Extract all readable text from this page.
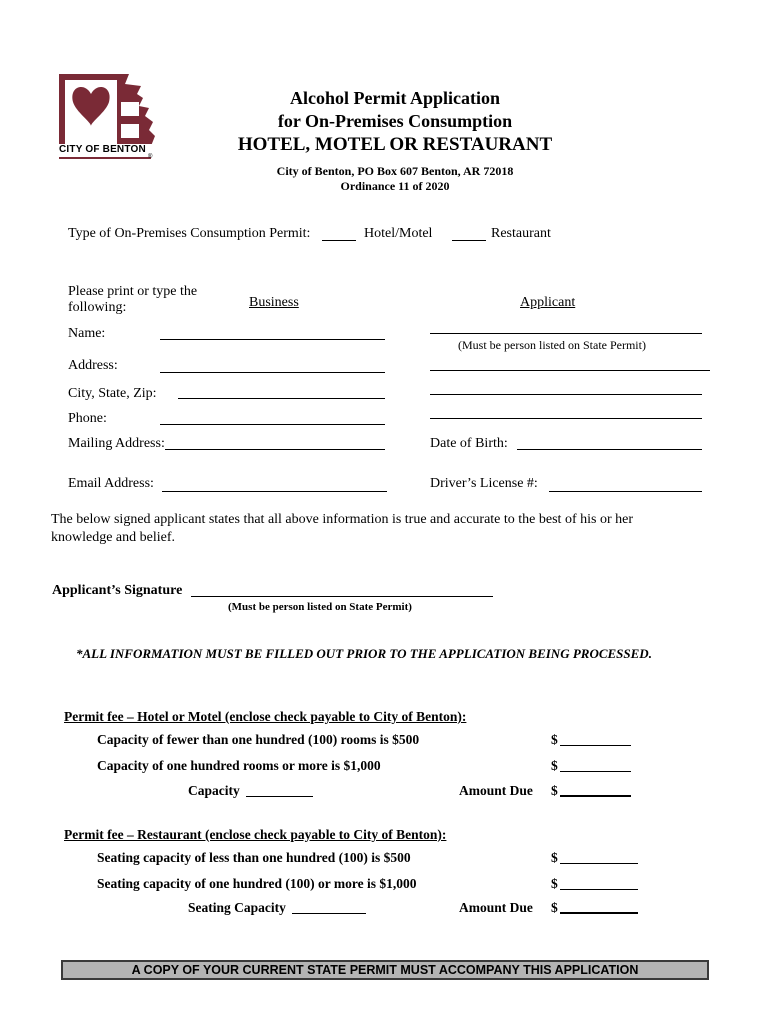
CITY OF BENTON
®
Alcohol Permit Application
for On-Premises Consumption
HOTEL, MOTEL OR RESTAURANT
City of Benton, PO Box 607 Benton, AR 72018
Ordinance 11 of 2020
Type of On-Premises Consumption Permit:	Hotel/Motel	Restaurant
Please print or type the
following:	Business	Applicant
Name:
(Must be person listed on State Permit)
Address:
City, State, Zip:
Phone:
Mailing Address:	Date of Birth:
Email Address:	Driver’s License #:
The below signed applicant states that all above information is true and accurate to the best of his or her
knowledge and belief.
Applicant’s Signature
(Must be person listed on State Permit)
*ALL INFORMATION MUST BE FILLED OUT PRIOR TO THE APPLICATION BEING PROCESSED.
Permit fee – Hotel or Motel (enclose check payable to City of Benton):
Capacity of fewer than one hundred (100) rooms is $500	$
Capacity of one hundred rooms or more is $1,000	$
Capacity	Amount Due $
Permit fee – Restaurant (enclose check payable to City of Benton):
Seating capacity of less than one hundred (100) is $500	$
Seating capacity of one hundred (100) or more is $1,000	$
Seating Capacity	Amount Due $
A COPY OF YOUR CURRENT STATE PERMIT MUST ACCOMPANY THIS APPLICATION
